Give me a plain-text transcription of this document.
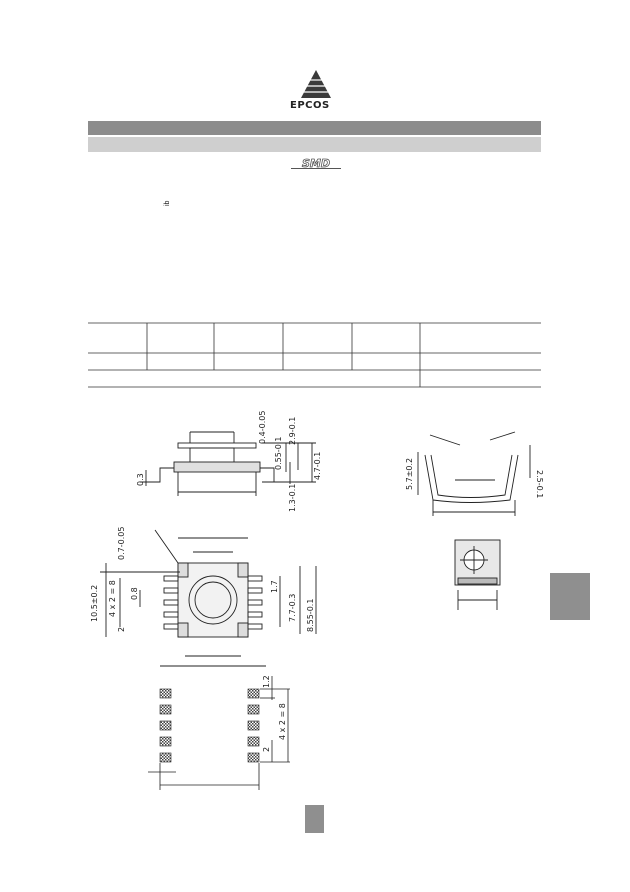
EPCOS
SMD
ib
0.4-0.05
0.55-0.1
2.9-0.1
4.7-0.1
0.3
1.3-0.1
0.7-0.05
10.5±0.2 4 x 2 = 8 0.8
2
1.7
7.7-0.3 8.55-0.1
1.2
4 x 2 = 8
2
5.7±0.2	2.5-0.1
